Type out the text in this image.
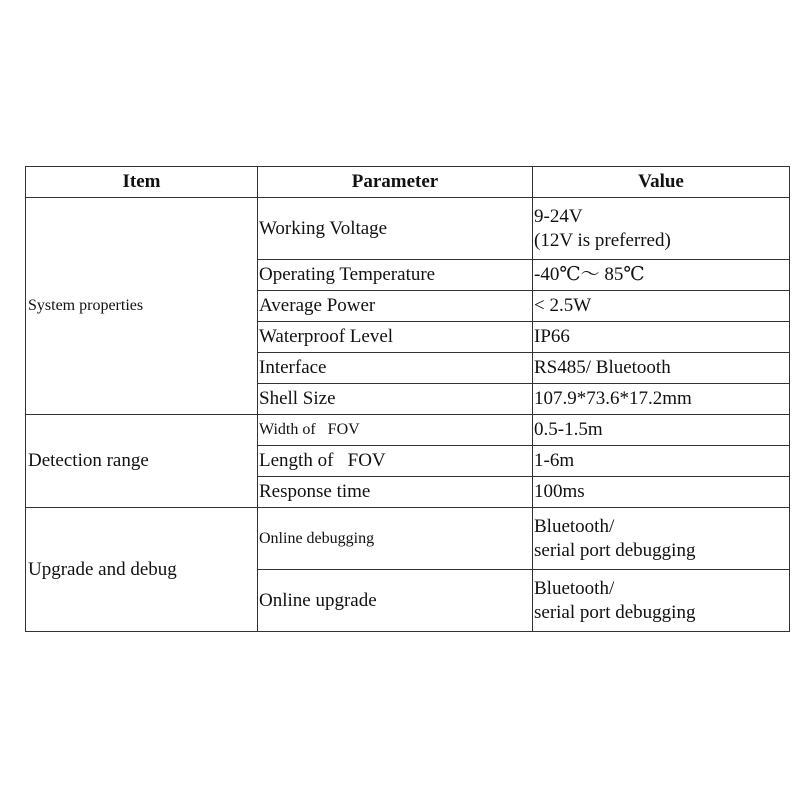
Item	Parameter	Value
System properties	Working Voltage	9-24V
(12V is preferred)

	Operating Temperature	-40℃～ 85℃
	Average Power	< 2.5W
	Waterproof Level	IP66
	Interface	RS485/ Bluetooth
	Shell Size	107.9*73.6*17.2mm
Detection range	Width of   FOV	0.5-1.5m
	Length of   FOV	1-6m
	Response time	100ms
Upgrade and debug	Online debugging	Bluetooth/
serial port debugging

	Online upgrade	Bluetooth/
serial port debugging
